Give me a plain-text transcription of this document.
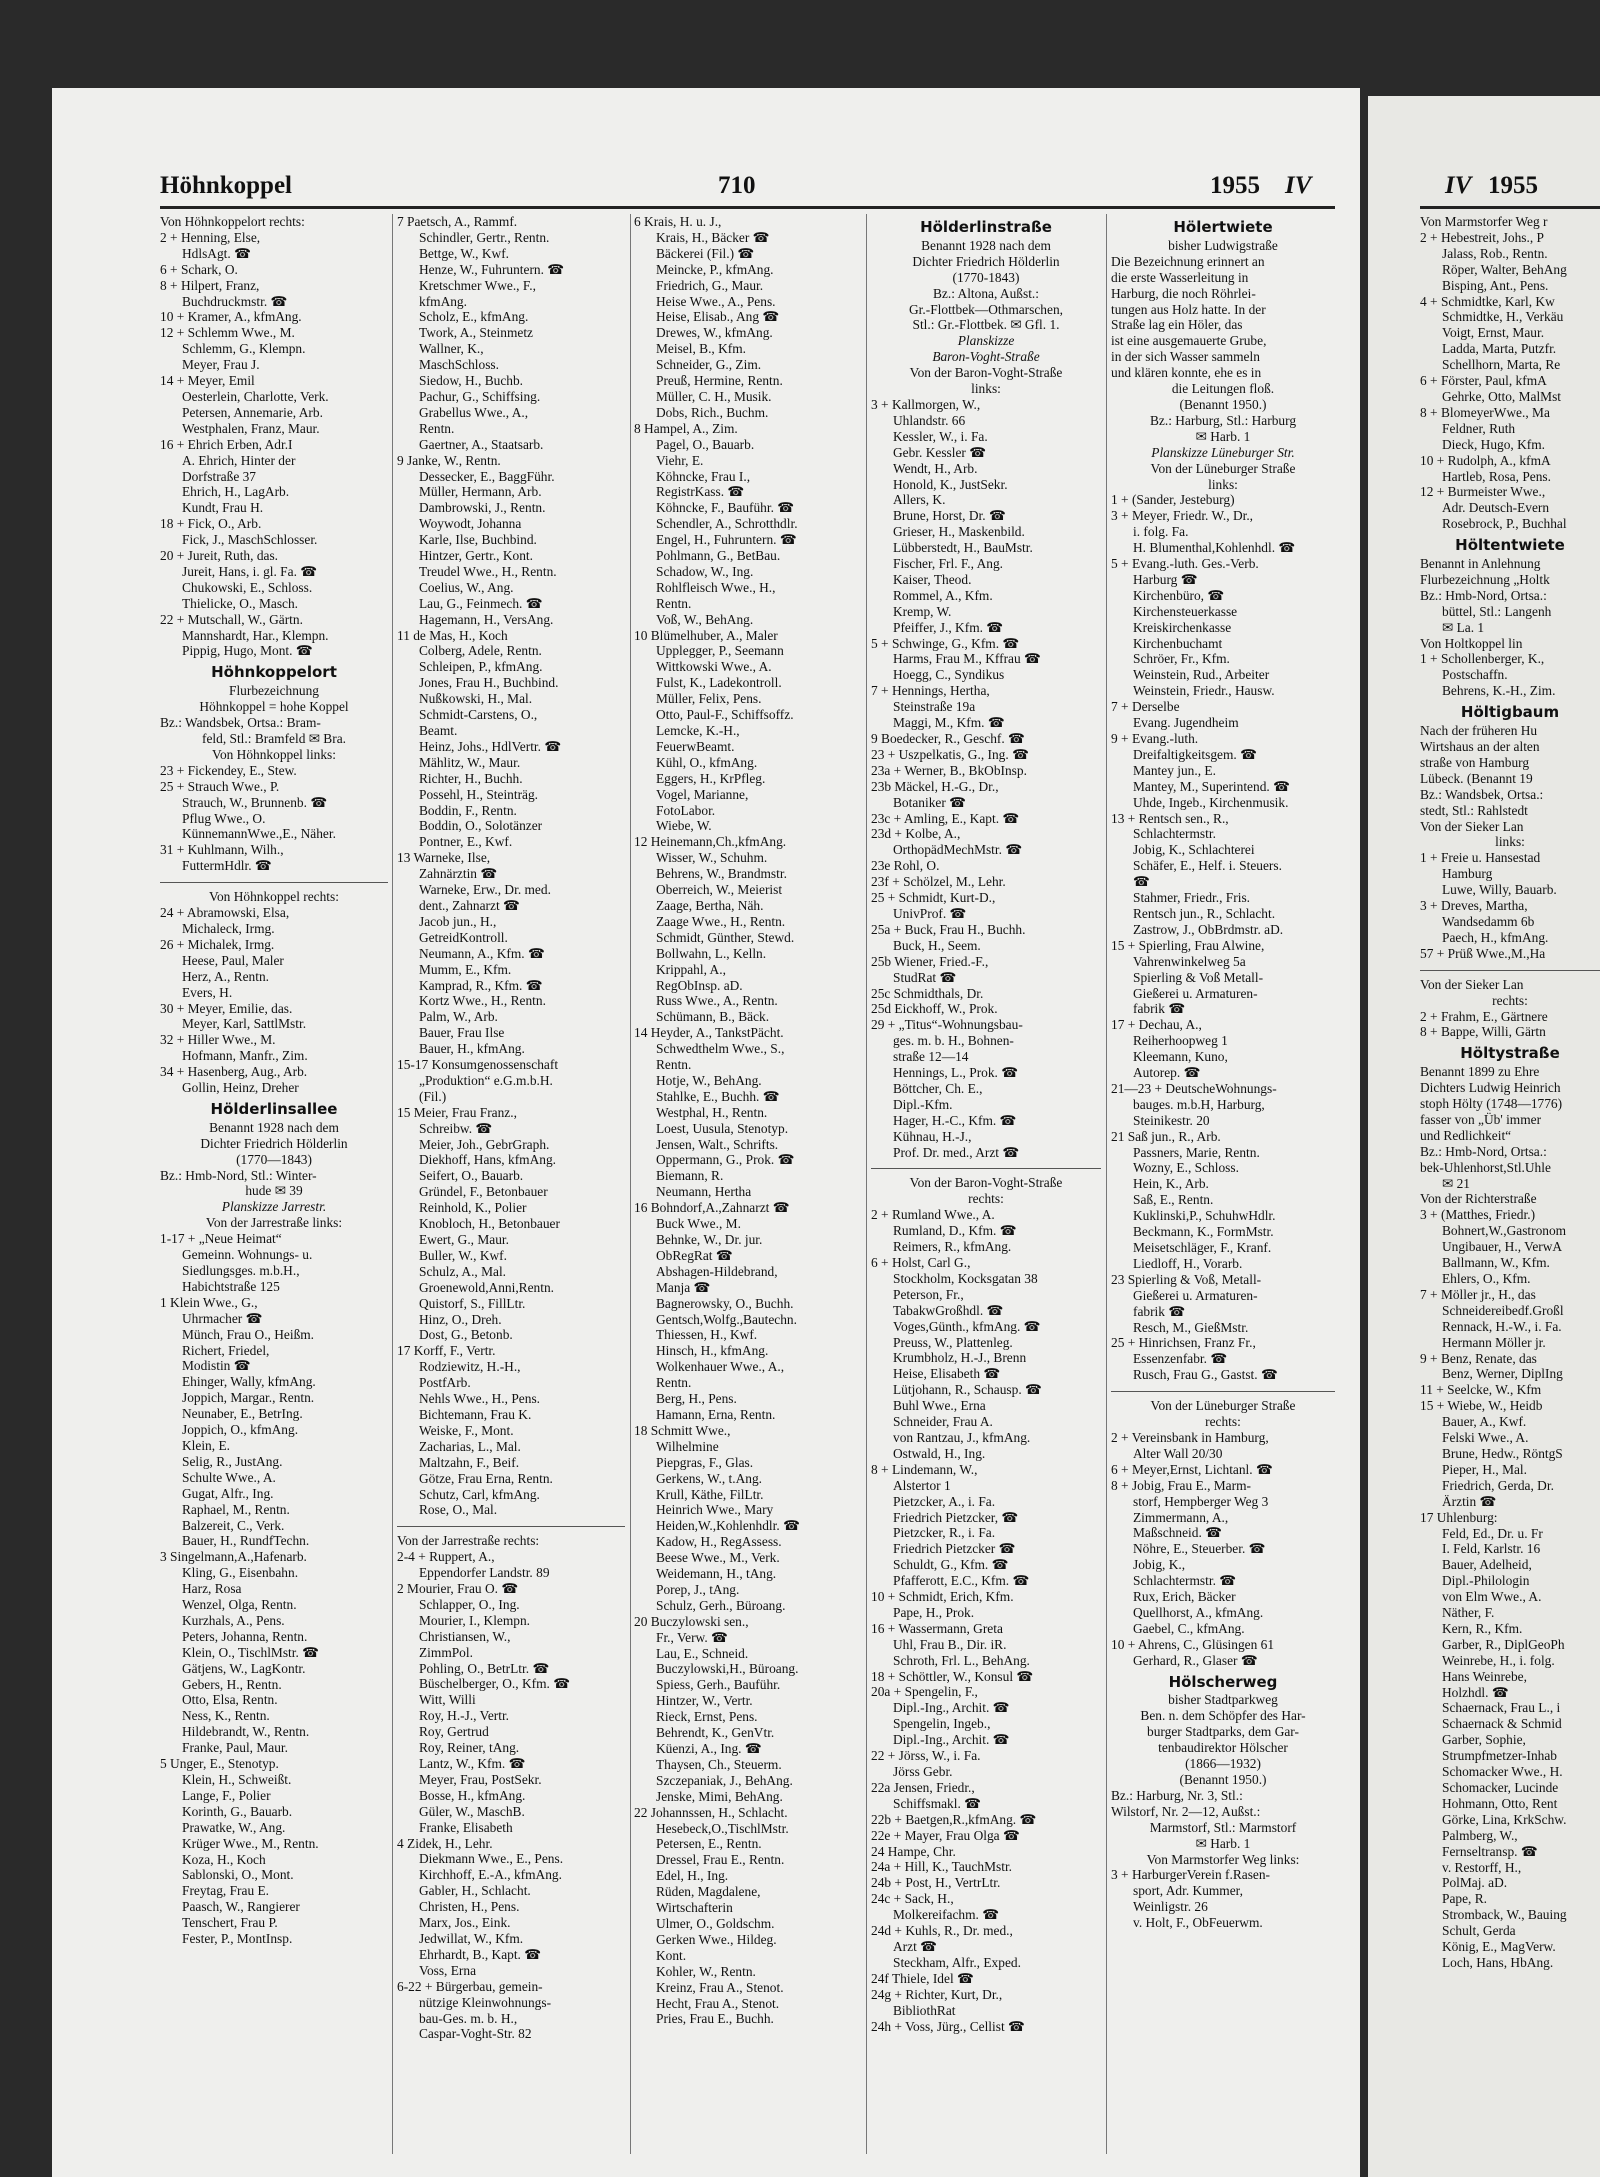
Höhnkoppel	710	1955 IV	IV 1955
Von Höhnkoppelort rechts:
2 + Henning, Else,
HdlsAgt. ☎
6 + Schark, O.
8 + Hilpert, Franz,
Buchdruckmstr. ☎
10 + Kramer, A., kfmAng.
12 + Schlemm Wwe., M.
Schlemm, G., Klempn.
Meyer, Frau J.
14 + Meyer, Emil
Oesterlein, Charlotte, Verk.
Petersen, Annemarie, Arb.
Westphalen, Franz, Maur.
16 + Ehrich Erben, Adr.I
A. Ehrich, Hinter der
Dorfstraße 37
Ehrich, H., LagArb.
Kundt, Frau H.
18 + Fick, O., Arb.
Fick, J., MaschSchlosser.
20 + Jureit, Ruth, das.
Jureit, Hans, i. gl. Fa. ☎
Chukowski, E., Schloss.
Thielicke, O., Masch.
22 + Mutschall, W., Gärtn.
Mannshardt, Har., Klempn.
Pippig, Hugo, Mont. ☎
Höhnkoppelort
Flurbezeichnung
Höhnkoppel = hohe Koppel
Bz.: Wandsbek, Ortsa.: Bram-
feld, Stl.: Bramfeld ✉ Bra.
Von Höhnkoppel links:
23 + Fickendey, E., Stew.
25 + Strauch Wwe., P.
Strauch, W., Brunnenb. ☎
Pflug Wwe., O.
KünnemannWwe.,E., Näher.
31 + Kuhlmann, Wilh.,
FuttermHdlr. ☎
Von Höhnkoppel rechts:
24 + Abramowski, Elsa,
Michaleck, Irmg.
26 + Michalek, Irmg.
Heese, Paul, Maler
Herz, A., Rentn.
Evers, H.
30 + Meyer, Emilie, das.
Meyer, Karl, SattlMstr.
32 + Hiller Wwe., M.
Hofmann, Manfr., Zim.
34 + Hasenberg, Aug., Arb.
Gollin, Heinz, Dreher
Hölderlinsallee
Benannt 1928 nach dem
Dichter Friedrich Hölderlin
(1770—1843)
Bz.: Hmb-Nord, Stl.: Winter-
hude ✉ 39
Planskizze Jarrestr.
Von der Jarrestraße links:
1-17 + „Neue Heimat“
Gemeinn. Wohnungs- u.
Siedlungsges. m.b.H.,
Habichtstraße 125
1 Klein Wwe., G.,
Uhrmacher ☎
Münch, Frau O., Heißm.
Richert, Friedel,
Modistin ☎
Ehinger, Wally, kfmAng.
Joppich, Margar., Rentn.
Neunaber, E., BetrIng.
Joppich, O., kfmAng.
Klein, E.
Selig, R., JustAng.
Schulte Wwe., A.
Gugat, Alfr., Ing.
Raphael, M., Rentn.
Balzereit, C., Verk.
Bauer, H., RundfTechn.
3 Singelmann,A.,Hafenarb.
Kling, G., Eisenbahn.
Harz, Rosa
Wenzel, Olga, Rentn.
Kurzhals, A., Pens.
Peters, Johanna, Rentn.
Klein, O., TischlMstr. ☎
Gätjens, W., LagKontr.
Gebers, H., Rentn.
Otto, Elsa, Rentn.
Ness, K., Rentn.
Hildebrandt, W., Rentn.
Franke, Paul, Maur.
5 Unger, E., Stenotyp.
Klein, H., Schweißt.
Lange, F., Polier
Korinth, G., Bauarb.
Prawatke, W., Ang.
Krüger Wwe., M., Rentn.
Koza, H., Koch
Sablonski, O., Mont.
Freytag, Frau E.
Paasch, W., Rangierer
Tenschert, Frau P.
Fester, P., MontInsp.
7 Paetsch, A., Rammf.
Schindler, Gertr., Rentn.
Bettge, W., Kwf.
Henze, W., Fuhruntern. ☎
Kretschmer Wwe., F.,
kfmAng.
Scholz, E., kfmAng.
Twork, A., Steinmetz
Wallner, K.,
MaschSchloss.
Siedow, H., Buchb.
Pachur, G., Schiffsing.
Grabellus Wwe., A.,
Rentn.
Gaertner, A., Staatsarb.
9 Janke, W., Rentn.
Dessecker, E., BaggFühr.
Müller, Hermann, Arb.
Dambrowski, J., Rentn.
Woywodt, Johanna
Karle, Ilse, Buchbind.
Hintzer, Gertr., Kont.
Treudel Wwe., H., Rentn.
Coelius, W., Ang.
Lau, G., Feinmech. ☎
Hagemann, H., VersAng.
11 de Mas, H., Koch
Colberg, Adele, Rentn.
Schleipen, P., kfmAng.
Jones, Frau H., Buchbind.
Nußkowski, H., Mal.
Schmidt-Carstens, O.,
Beamt.
Heinz, Johs., HdlVertr. ☎
Mählitz, W., Maur.
Richter, H., Buchh.
Possehl, H., Steinträg.
Boddin, F., Rentn.
Boddin, O., Solotänzer
Pontner, E., Kwf.
13 Warneke, Ilse,
Zahnärztin ☎
Warneke, Erw., Dr. med.
dent., Zahnarzt ☎
Jacob jun., H.,
GetreidKontroll.
Neumann, A., Kfm. ☎
Mumm, E., Kfm.
Kamprad, R., Kfm. ☎
Kortz Wwe., H., Rentn.
Palm, W., Arb.
Bauer, Frau Ilse
Bauer, H., kfmAng.
15-17 Konsumgenossenschaft
„Produktion“ e.G.m.b.H.
(Fil.)
15 Meier, Frau Franz.,
Schreibw. ☎
Meier, Joh., GebrGraph.
Diekhoff, Hans, kfmAng.
Seifert, O., Bauarb.
Gründel, F., Betonbauer
Reinhold, K., Polier
Knobloch, H., Betonbauer
Ewert, G., Maur.
Buller, W., Kwf.
Schulz, A., Mal.
Groenewold,Anni,Rentn.
Quistorf, S., FillLtr.
Hinz, O., Dreh.
Dost, G., Betonb.
17 Korff, F., Vertr.
Rodziewitz, H.-H.,
PostfArb.
Nehls Wwe., H., Pens.
Bichtemann, Frau K.
Weiske, F., Mont.
Zacharias, L., Mal.
Maltzahn, F., Beif.
Götze, Frau Erna, Rentn.
Schutz, Carl, kfmAng.
Rose, O., Mal.
Von der Jarrestraße rechts:
2-4 + Ruppert, A.,
Eppendorfer Landstr. 89
2 Mourier, Frau O. ☎
Schlapper, O., Ing.
Mourier, I., Klempn.
Christiansen, W.,
ZimmPol.
Pohling, O., BetrLtr. ☎
Büschelberger, O., Kfm. ☎
Witt, Willi
Roy, H.-J., Vertr.
Roy, Gertrud
Roy, Reiner, tAng.
Lantz, W., Kfm. ☎
Meyer, Frau, PostSekr.
Bosse, H., kfmAng.
Güler, W., MaschB.
Franke, Elisabeth
4 Zidek, H., Lehr.
Diekmann Wwe., E., Pens.
Kirchhoff, E.-A., kfmAng.
Gabler, H., Schlacht.
Christen, H., Pens.
Marx, Jos., Eink.
Jedwillat, W., Kfm.
Ehrhardt, B., Kapt. ☎
Voss, Erna
6-22 + Bürgerbau, gemein-
nützige Kleinwohnungs-
bau-Ges. m. b. H.,
Caspar-Voght-Str. 82
6 Krais, H. u. J.,
Krais, H., Bäcker ☎
Bäckerei (Fil.) ☎
Meincke, P., kfmAng.
Friedrich, G., Maur.
Heise Wwe., A., Pens.
Heise, Elisab., Ang ☎
Drewes, W., kfmAng.
Meisel, B., Kfm.
Schneider, G., Zim.
Preuß, Hermine, Rentn.
Müller, C. H., Musik.
Dobs, Rich., Buchm.
8 Hampel, A., Zim.
Pagel, O., Bauarb.
Viehr, E.
Köhncke, Frau I.,
RegistrKass. ☎
Köhncke, F., Bauführ. ☎
Schendler, A., Schrotthdlr.
Engel, H., Fuhruntern. ☎
Pohlmann, G., BetBau.
Schadow, W., Ing.
Rohlfleisch Wwe., H.,
Rentn.
Voß, W., BehAng.
10 Blümelhuber, A., Maler
Upplegger, P., Seemann
Wittkowski Wwe., A.
Fulst, K., Ladekontroll.
Müller, Felix, Pens.
Otto, Paul-F., Schiffsoffz.
Lemcke, K.-H.,
FeuerwBeamt.
Kühl, O., kfmAng.
Eggers, H., KrPfleg.
Vogel, Marianne,
FotoLabor.
Wiebe, W.
12 Heinemann,Ch.,kfmAng.
Wisser, W., Schuhm.
Behrens, W., Brandmstr.
Oberreich, W., Meierist
Zaage, Bertha, Näh.
Zaage Wwe., H., Rentn.
Schmidt, Günther, Stewd.
Bollwahn, L., Kelln.
Krippahl, A.,
RegObInsp. aD.
Russ Wwe., A., Rentn.
Schümann, B., Bäck.
14 Heyder, A., TankstPächt.
Schwedthelm Wwe., S.,
Rentn.
Hotje, W., BehAng.
Stahlke, E., Buchh. ☎
Westphal, H., Rentn.
Loest, Uusula, Stenotyp.
Jensen, Walt., Schrifts.
Oppermann, G., Prok. ☎
Biemann, R.
Neumann, Hertha
16 Bohndorf,A.,Zahnarzt ☎
Buck Wwe., M.
Behnke, W., Dr. jur.
ObRegRat ☎
Abshagen-Hildebrand,
Manja ☎
Bagnerowsky, O., Buchh.
Gentsch,Wolfg.,Bautechn.
Thiessen, H., Kwf.
Hinsch, H., kfmAng.
Wolkenhauer Wwe., A.,
Rentn.
Berg, H., Pens.
Hamann, Erna, Rentn.
18 Schmitt Wwe.,
Wilhelmine
Piepgras, F., Glas.
Gerkens, W., t.Ang.
Krull, Käthe, FilLtr.
Heinrich Wwe., Mary
Heiden,W.,Kohlenhdlr. ☎
Kadow, H., RegAssess.
Beese Wwe., M., Verk.
Weidemann, H., tAng.
Porep, J., tAng.
Schulz, Gerh., Büroang.
20 Buczylowski sen.,
Fr., Verw. ☎
Lau, E., Schneid.
Buczylowski,H., Büroang.
Spiess, Gerh., Bauführ.
Hintzer, W., Vertr.
Rieck, Ernst, Pens.
Behrendt, K., GenVtr.
Küenzi, A., Ing. ☎
Thaysen, Ch., Steuerm.
Szczepaniak, J., BehAng.
Jenske, Mimi, BehAng.
22 Johannssen, H., Schlacht.
Hesebeck,O.,TischlMstr.
Petersen, E., Rentn.
Dressel, Frau E., Rentn.
Edel, H., Ing.
Rüden, Magdalene,
Wirtschafterin
Ulmer, O., Goldschm.
Gerken Wwe., Hildeg.
Kont.
Kohler, W., Rentn.
Kreinz, Frau A., Stenot.
Hecht, Frau A., Stenot.
Pries, Frau E., Buchh.
Hölderlinstraße
Benannt 1928 nach dem
Dichter Friedrich Hölderlin
(1770-1843)
Bz.: Altona, Außst.:
Gr.-Flottbek—Othmarschen,
Stl.: Gr.-Flottbek. ✉ Gfl. 1.
Planskizze
Baron-Voght-Straße
Von der Baron-Voght-Straße
links:
3 + Kallmorgen, W.,
Uhlandstr. 66
Kessler, W., i. Fa.
Gebr. Kessler ☎
Wendt, H., Arb.
Honold, K., JustSekr.
Allers, K.
Brune, Horst, Dr. ☎
Grieser, H., Maskenbild.
Lübberstedt, H., BauMstr.
Fischer, Frl. F., Ang.
Kaiser, Theod.
Rommel, A., Kfm.
Kremp, W.
Pfeiffer, J., Kfm. ☎
5 + Schwinge, G., Kfm. ☎
Harms, Frau M., Kffrau ☎
Hoegg, C., Syndikus
7 + Hennings, Hertha,
Steinstraße 19a
Maggi, M., Kfm. ☎
9 Boedecker, R., Geschf. ☎
23 + Uszpelkatis, G., Ing. ☎
23a + Werner, B., BkObInsp.
23b Mäckel, H.-G., Dr.,
Botaniker ☎
23c + Amling, E., Kapt. ☎
23d + Kolbe, A.,
OrthopädMechMstr. ☎
23e Rohl, O.
23f + Schölzel, M., Lehr.
25 + Schmidt, Kurt-D.,
UnivProf. ☎
25a + Buck, Frau H., Buchh.
Buck, H., Seem.
25b Wiener, Fried.-F.,
StudRat ☎
25c Schmidthals, Dr.
25d Eickhoff, W., Prok.
29 + „Titus“-Wohnungsbau-
ges. m. b. H., Bohnen-
straße 12—14
Hennings, L., Prok. ☎
Böttcher, Ch. E.,
Dipl.-Kfm.
Hager, H.-C., Kfm. ☎
Kühnau, H.-J.,
Prof. Dr. med., Arzt ☎
Von der Baron-Voght-Straße
rechts:
2 + Rumland Wwe., A.
Rumland, D., Kfm. ☎
Reimers, R., kfmAng.
6 + Holst, Carl G.,
Stockholm, Kocksgatan 38
Peterson, Fr.,
TabakwGroßhdl. ☎
Voges,Günth., kfmAng. ☎
Preuss, W., Plattenleg.
Krumbholz, H.-J., Brenn
Heise, Elisabeth ☎
Lütjohann, R., Schausp. ☎
Buhl Wwe., Erna
Schneider, Frau A.
von Rantzau, J., kfmAng.
Ostwald, H., Ing.
8 + Lindemann, W.,
Alstertor 1
Pietzcker, A., i. Fa.
Friedrich Pietzcker, ☎
Pietzcker, R., i. Fa.
Friedrich Pietzcker ☎
Schuldt, G., Kfm. ☎
Pfafferott, E.C., Kfm. ☎
10 + Schmidt, Erich, Kfm.
Pape, H., Prok.
16 + Wassermann, Greta
Uhl, Frau B., Dir. iR.
Schroth, Frl. L., BehAng.
18 + Schöttler, W., Konsul ☎
20a + Spengelin, F.,
Dipl.-Ing., Archit. ☎
Spengelin, Ingeb.,
Dipl.-Ing., Archit. ☎
22 + Jörss, W., i. Fa.
Jörss Gebr.
22a Jensen, Friedr.,
Schiffsmakl. ☎
22b + Baetgen,R.,kfmAng. ☎
22e + Mayer, Frau Olga ☎
24 Hampe, Chr.
24a + Hill, K., TauchMstr.
24b + Post, H., VertrLtr.
24c + Sack, H.,
Molkereifachm. ☎
24d + Kuhls, R., Dr. med.,
Arzt ☎
Steckham, Alfr., Exped.
24f Thiele, Idel ☎
24g + Richter, Kurt, Dr.,
BibliothRat
24h + Voss, Jürg., Cellist ☎
Hölertwiete
bisher Ludwigstraße
Die Bezeichnung erinnert an
die erste Wasserleitung in
Harburg, die noch Röhrlei-
tungen aus Holz hatte. In der
Straße lag ein Höler, das
ist eine ausgemauerte Grube,
in der sich Wasser sammeln
und klären konnte, ehe es in
die Leitungen floß.
(Benannt 1950.)
Bz.: Harburg, Stl.: Harburg
✉ Harb. 1
Planskizze Lüneburger Str.
Von der Lüneburger Straße
links:
1 + (Sander, Jesteburg)
3 + Meyer, Friedr. W., Dr.,
i. folg. Fa.
H. Blumenthal,Kohlenhdl. ☎
5 + Evang.-luth. Ges.-Verb.
Harburg ☎
Kirchenbüro, ☎
Kirchensteuerkasse
Kreiskirchenkasse
Kirchenbuchamt
Schröer, Fr., Kfm.
Weinstein, Rud., Arbeiter
Weinstein, Friedr., Hausw.
7 + Derselbe
Evang. Jugendheim
9 + Evang.-luth.
Dreifaltigkeitsgem. ☎
Mantey jun., E.
Mantey, M., Superintend. ☎
Uhde, Ingeb., Kirchenmusik.
13 + Rentsch sen., R.,
Schlachtermstr.
Jobig, K., Schlachterei
Schäfer, E., Helf. i. Steuers.
☎
Stahmer, Friedr., Fris.
Rentsch jun., R., Schlacht.
Zastrow, J., ObBrdmstr. aD.
15 + Spierling, Frau Alwine,
Vahrenwinkelweg 5a
Spierling & Voß Metall-
Gießerei u. Armaturen-
fabrik ☎
17 + Dechau, A.,
Reiherhoopweg 1
Kleemann, Kuno,
Autorep. ☎
21—23 + DeutscheWohnungs-
bauges. m.b.H, Harburg,
Steinikestr. 20
21 Saß jun., R., Arb.
Passners, Marie, Rentn.
Wozny, E., Schloss.
Hein, K., Arb.
Saß, E., Rentn.
Kuklinski,P., SchuhwHdlr.
Beckmann, K., FormMstr.
Meisetschläger, F., Kranf.
Liedloff, H., Vorarb.
23 Spierling & Voß, Metall-
Gießerei u. Armaturen-
fabrik ☎
Resch, M., GießMstr.
25 + Hinrichsen, Franz Fr.,
Essenzenfabr. ☎
Rusch, Frau G., Gastst. ☎
Von der Lüneburger Straße
rechts:
2 + Vereinsbank in Hamburg,
Alter Wall 20/30
6 + Meyer,Ernst, Lichtanl. ☎
8 + Jobig, Frau E., Marm-
storf, Hempberger Weg 3
Zimmermann, A.,
Maßschneid. ☎
Nöhre, E., Steuerber. ☎
Jobig, K.,
Schlachtermstr. ☎
Rux, Erich, Bäcker
Quellhorst, A., kfmAng.
Gaebel, C., kfmAng.
10 + Ahrens, C., Glüsingen 61
Gerhard, R., Glaser ☎
Hölscherweg
bisher Stadtparkweg
Ben. n. dem Schöpfer des Har-
burger Stadtparks, dem Gar-
tenbaudirektor Hölscher
(1866—1932)
(Benannt 1950.)
Bz.: Harburg, Nr. 3, Stl.:
Wilstorf, Nr. 2—12, Außst.:
Marmstorf, Stl.: Marmstorf
✉ Harb. 1
Von Marmstorfer Weg links:
3 + HarburgerVerein f.Rasen-
sport, Adr. Kummer,
Weinligstr. 26
v. Holt, F., ObFeuerwm.
Von Marmstorfer Weg r
2 + Hebestreit, Johs., P
Jalass, Rob., Rentn.
Röper, Walter, BehAng
Bisping, Ant., Pens.
4 + Schmidtke, Karl, Kw
Schmidtke, H., Verkäu
Voigt, Ernst, Maur.
Ladda, Marta, Putzfr.
Schellhorn, Marta, Re
6 + Förster, Paul, kfmA
Gehrke, Otto, MalMst
8 + BlomeyerWwe., Ma
Feldner, Ruth
Dieck, Hugo, Kfm.
10 + Rudolph, A., kfmA
Hartleb, Rosa, Pens.
12 + Burmeister Wwe.,
Adr. Deutsch-Evern
Rosebrock, P., Buchhal
Höltentwiete
Benannt in Anlehnung
Flurbezeichnung „Holtk
Bz.: Hmb-Nord, Ortsa.:
büttel, Stl.: Langenh
✉ La. 1
Von Holtkoppel lin
1 + Schollenberger, K.,
Postschaffn.
Behrens, K.-H., Zim.
Höltigbaum
Nach der früheren Hu
Wirtshaus an der alten
straße von Hamburg
Lübeck. (Benannt 19
Bz.: Wandsbek, Ortsa.:
stedt, Stl.: Rahlstedt
Von der Sieker Lan
links:
1 + Freie u. Hansestad
Hamburg
Luwe, Willy, Bauarb.
3 + Dreves, Martha,
Wandsedamm 6b
Paech, H., kfmAng.
57 + Prüß Wwe.,M.,Ha
Von der Sieker Lan
rechts:
2 + Frahm, E., Gärtnere
8 + Bappe, Willi, Gärtn
Höltystraße
Benannt 1899 zu Ehre
Dichters Ludwig Heinrich
stoph Hölty (1748—1776)
fasser von „Üb' immer
und Redlichkeit“
Bz.: Hmb-Nord, Ortsa.:
bek-Uhlenhorst,Stl.Uhle
✉ 21
Von der Richterstraße
3 + (Matthes, Friedr.)
Bohnert,W.,Gastronom
Ungibauer, H., VerwA
Ballmann, W., Kfm.
Ehlers, O., Kfm.
7 + Möller jr., H., das
Schneidereibedf.Großl
Rennack, H.-W., i. Fa.
Hermann Möller jr.
9 + Benz, Renate, das
Benz, Werner, DiplIng
11 + Seelcke, W., Kfm
15 + Wiebe, W., Heidb
Bauer, A., Kwf.
Felski Wwe., A.
Brune, Hedw., RöntgS
Pieper, H., Mal.
Friedrich, Gerda, Dr.
Ärztin ☎
17 Uhlenburg:
Feld, Ed., Dr. u. Fr
I. Feld, Karlstr. 16
Bauer, Adelheid,
Dipl.-Philologin
von Elm Wwe., A.
Näther, F.
Kern, R., Kfm.
Garber, R., DiplGeoPh
Weinrebe, H., i. folg.
Hans Weinrebe,
Holzhdl. ☎
Schaernack, Frau L., i
Schaernack & Schmid
Garber, Sophie,
Strumpfmetzer-Inhab
Schomacker Wwe., H.
Schomacker, Lucinde
Hohmann, Otto, Rent
Görke, Lina, KrkSchw.
Palmberg, W.,
Fernseltransp. ☎
v. Restorff, H.,
PolMaj. aD.
Pape, R.
Stromback, W., Bauing
Schult, Gerda
König, E., MagVerw.
Loch, Hans, HbAng.
